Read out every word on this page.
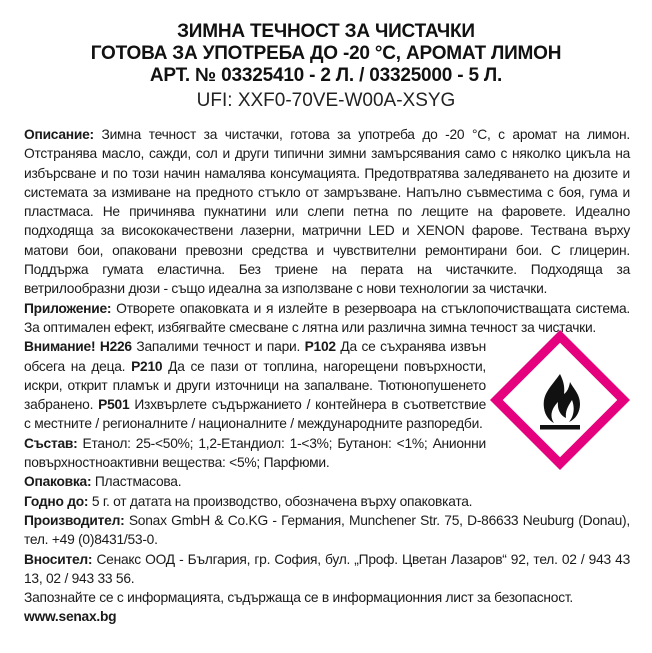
ЗИМНА ТЕЧНОСТ ЗА ЧИСТАЧКИ
ГОТОВА ЗА УПОТРЕБА ДО -20 °С, АРОМАТ ЛИМОН
АРТ. № 03325410 - 2 Л. / 03325000 - 5 Л.
UFI: XXF0-70VE-W00A-XSYG

Описание: Зимна течност за чистачки, готова за употреба до -20 °С, с аромат на лимон. Отстранява масло, сажди, сол и други типични зимни замърсявания само с няколко цикъла на избърсване и по този начин намалява консумацията. Предотвратява заледяването на дюзите и системата за измиване на предното стъкло от замръзване. Напълно съвместима с боя, гума и пластмаса. Не причинява пукнатини или слепи петна по лещите на фаровете. Идеално подходяща за висококачествени лазерни, матрични LED и XENON фарове. Тествана върху матови бои, опаковани превозни средства и чувствителни ремонтирани бои. С глицерин. Поддържа гумата еластична. Без триене на перата на чистачките. Подходяща за ветрилообразни дюзи - също идеална за използване с нови технологии за чистачки.

Приложение: Отворете опаковката и я излейте в резервоара на стъклопочистващата система. За оптимален ефект, избягвайте смесване с лятна или различна зимна течност за чистачки.

Внимание! H226 Запалими течност и пари. P102 Да се съхранява извън обсега на деца. P210 Да се пази от топлина, нагорещени повърхности, искри, открит пламък и други източници на запалване. Тютюнопушенето забранено. P501 Изхвърлете съдържанието / контейнера в съответствие с местните / регионалните / националните / международните разпоредби.

Състав: Етанол: 25-<50%; 1,2-Етандиол: 1-<3%; Бутанон: <1%; Анионни повърхностноактивни вещества: <5%; Парфюми.

Опаковка: Пластмасова.

Годно до: 5 г. от датата на производство, обозначена върху опаковката.

Производител: Sonax GmbH & Co.KG - Германия, Munchener Str. 75, D-86633 Neuburg (Donau), тел. +49 (0)8431/53-0.

Вносител: Сенакс ООД - България, гр. София, бул. „Проф. Цветан Лазаров“ 92, тел. 02 / 943 43 13, 02 / 943 33 56.

Запознайте се с информацията, съдържаща се в информационния лист за безопасност.

www.senax.bg
